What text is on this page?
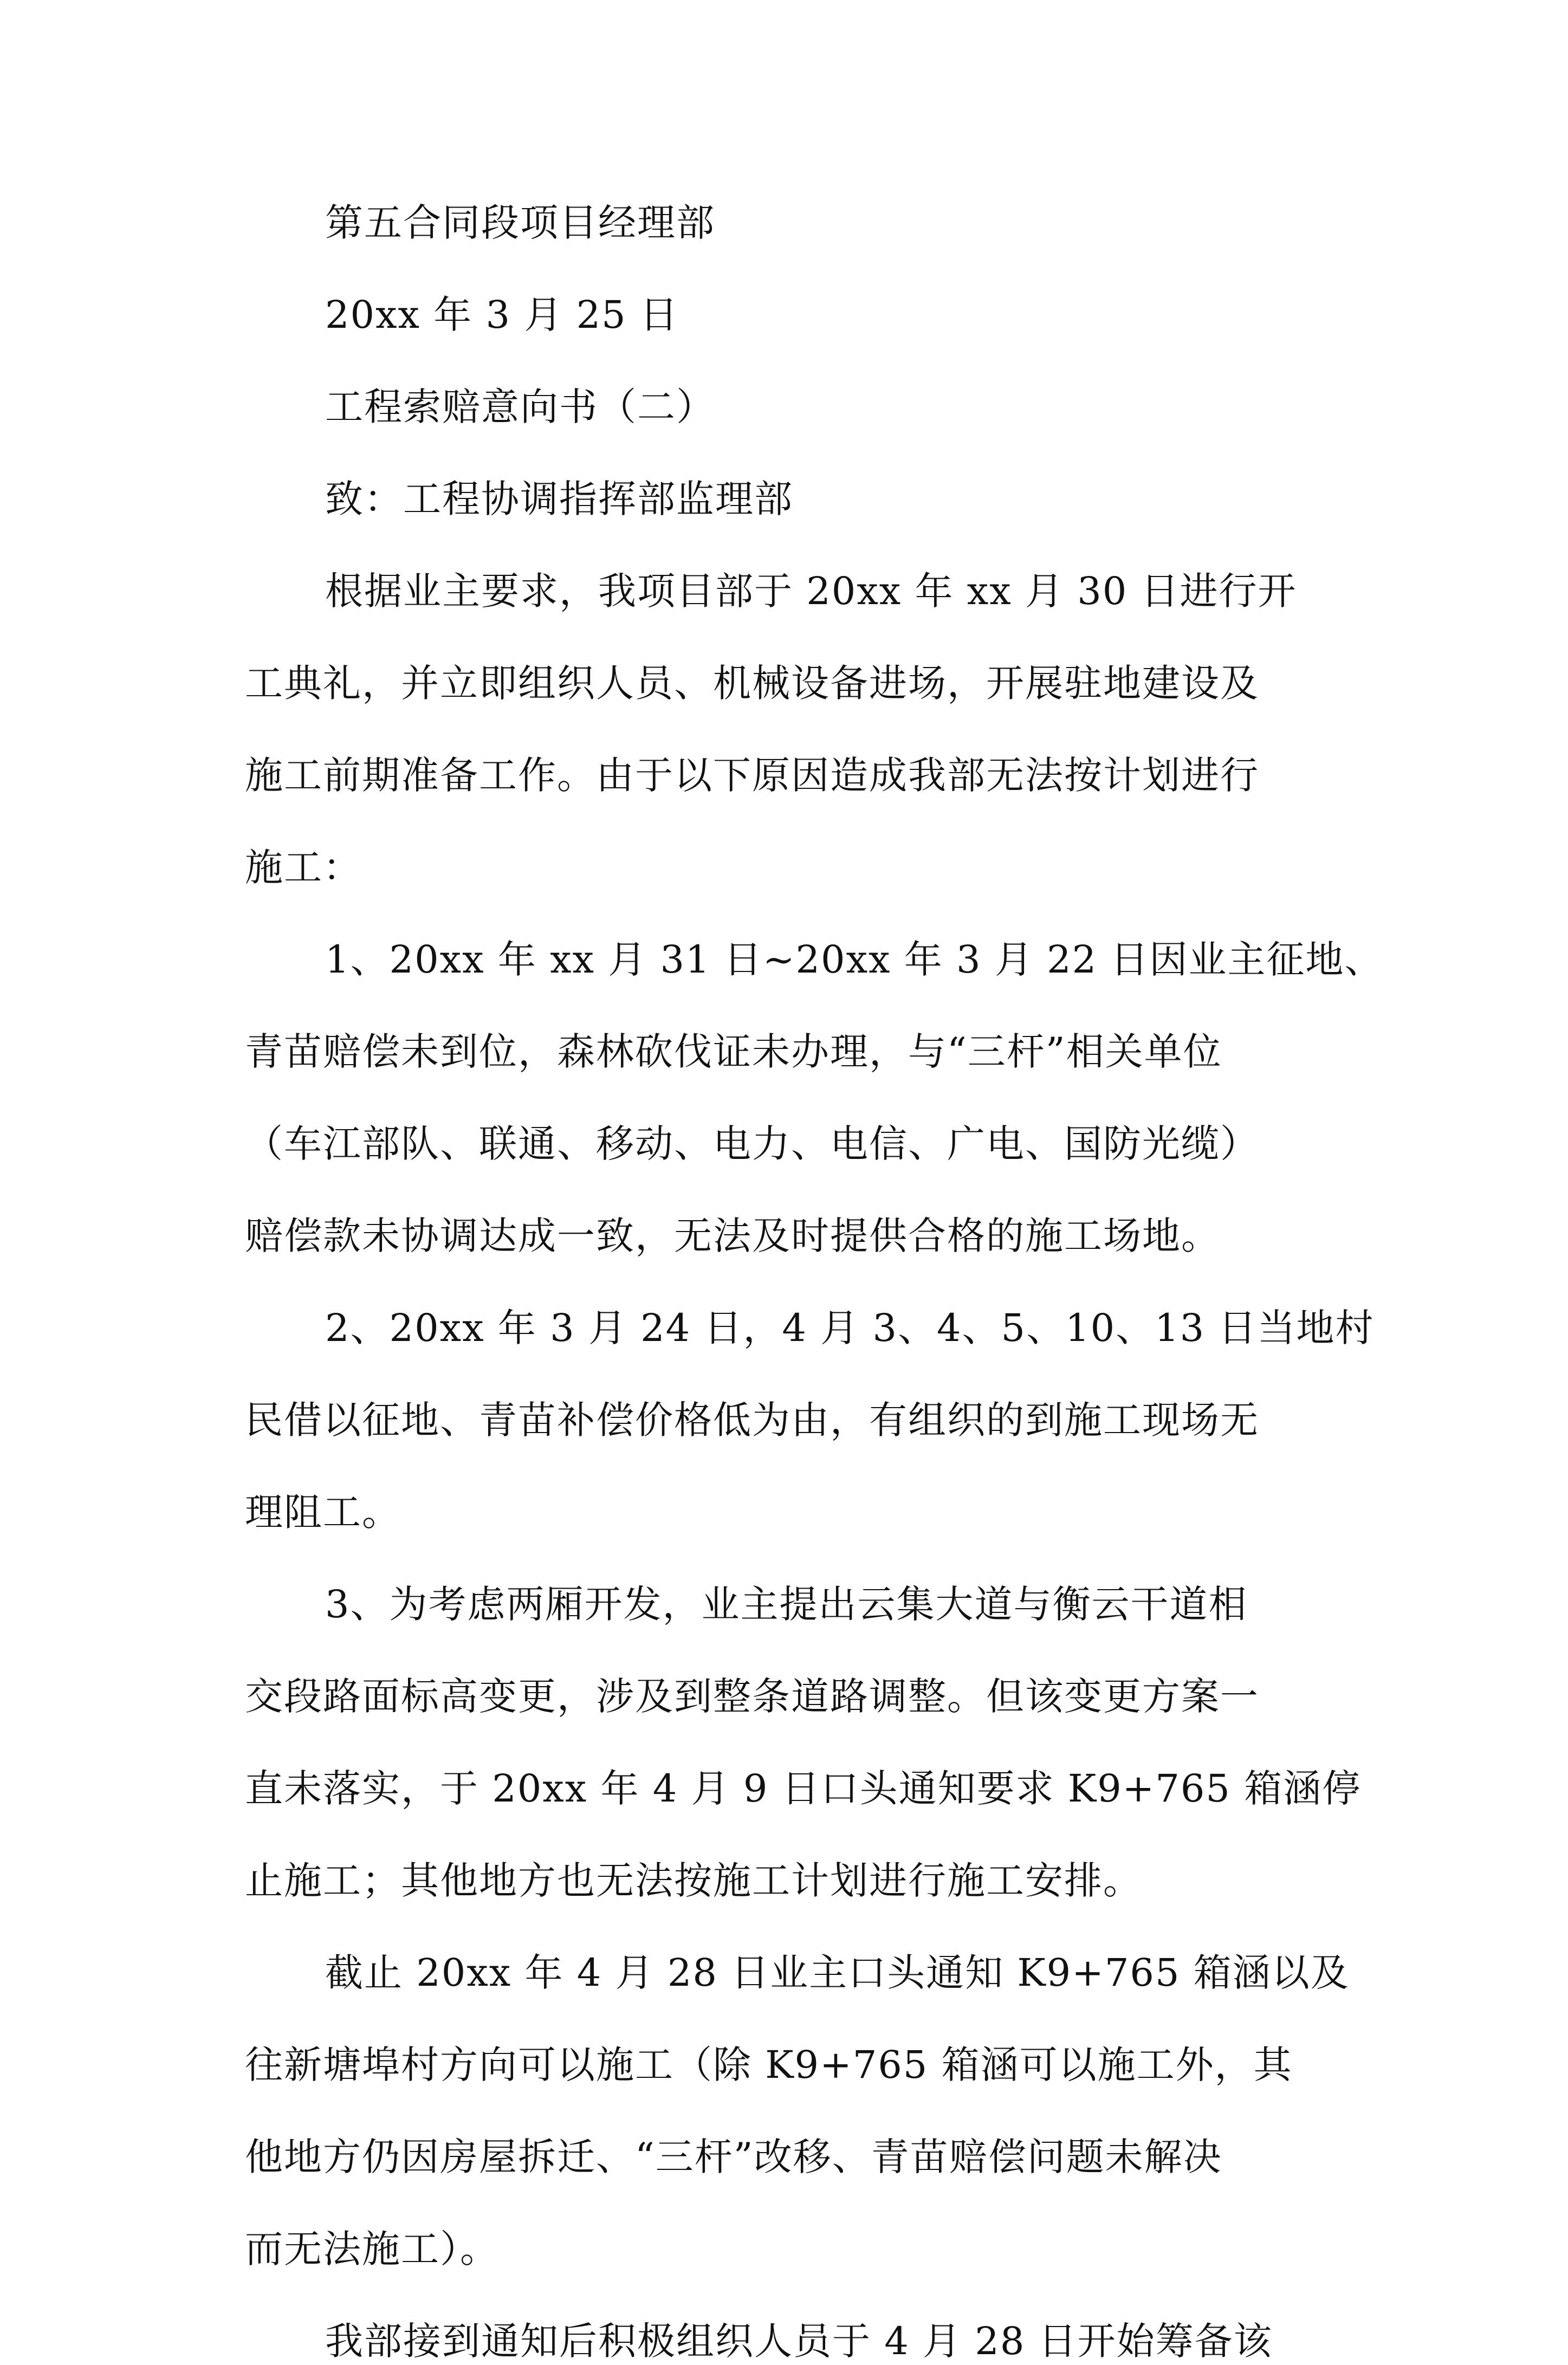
第五合同段项目经理部
20xx 年 3 月 25 日
工程索赔意向书（二）
致：工程协调指挥部监理部
根据业主要求，我项目部于 20xx 年 xx 月 30 日进行开
工典礼，并立即组织人员、机械设备进场，开展驻地建设及
施工前期准备工作。由于以下原因造成我部无法按计划进行
施工：
1、20xx 年 xx 月 31 日~20xx 年 3 月 22 日因业主征地、
青苗赔偿未到位，森林砍伐证未办理，与“三杆”相关单位
（车江部队、联通、移动、电力、电信、广电、国防光缆）
赔偿款未协调达成一致，无法及时提供合格的施工场地。
2、20xx 年 3 月 24 日，4 月 3、4、5、10、13 日当地村
民借以征地、青苗补偿价格低为由，有组织的到施工现场无
理阻工。
3、为考虑两厢开发，业主提出云集大道与衡云干道相
交段路面标高变更，涉及到整条道路调整。但该变更方案一
直未落实，于 20xx 年 4 月 9 日口头通知要求 K9+765 箱涵停
止施工；其他地方也无法按施工计划进行施工安排。
截止 20xx 年 4 月 28 日业主口头通知 K9+765 箱涵以及
往新塘埠村方向可以施工（除 K9+765 箱涵可以施工外，其
他地方仍因房屋拆迁、“三杆”改移、青苗赔偿问题未解决
而无法施工）。
我部接到通知后积极组织人员于 4 月 28 日开始筹备该
